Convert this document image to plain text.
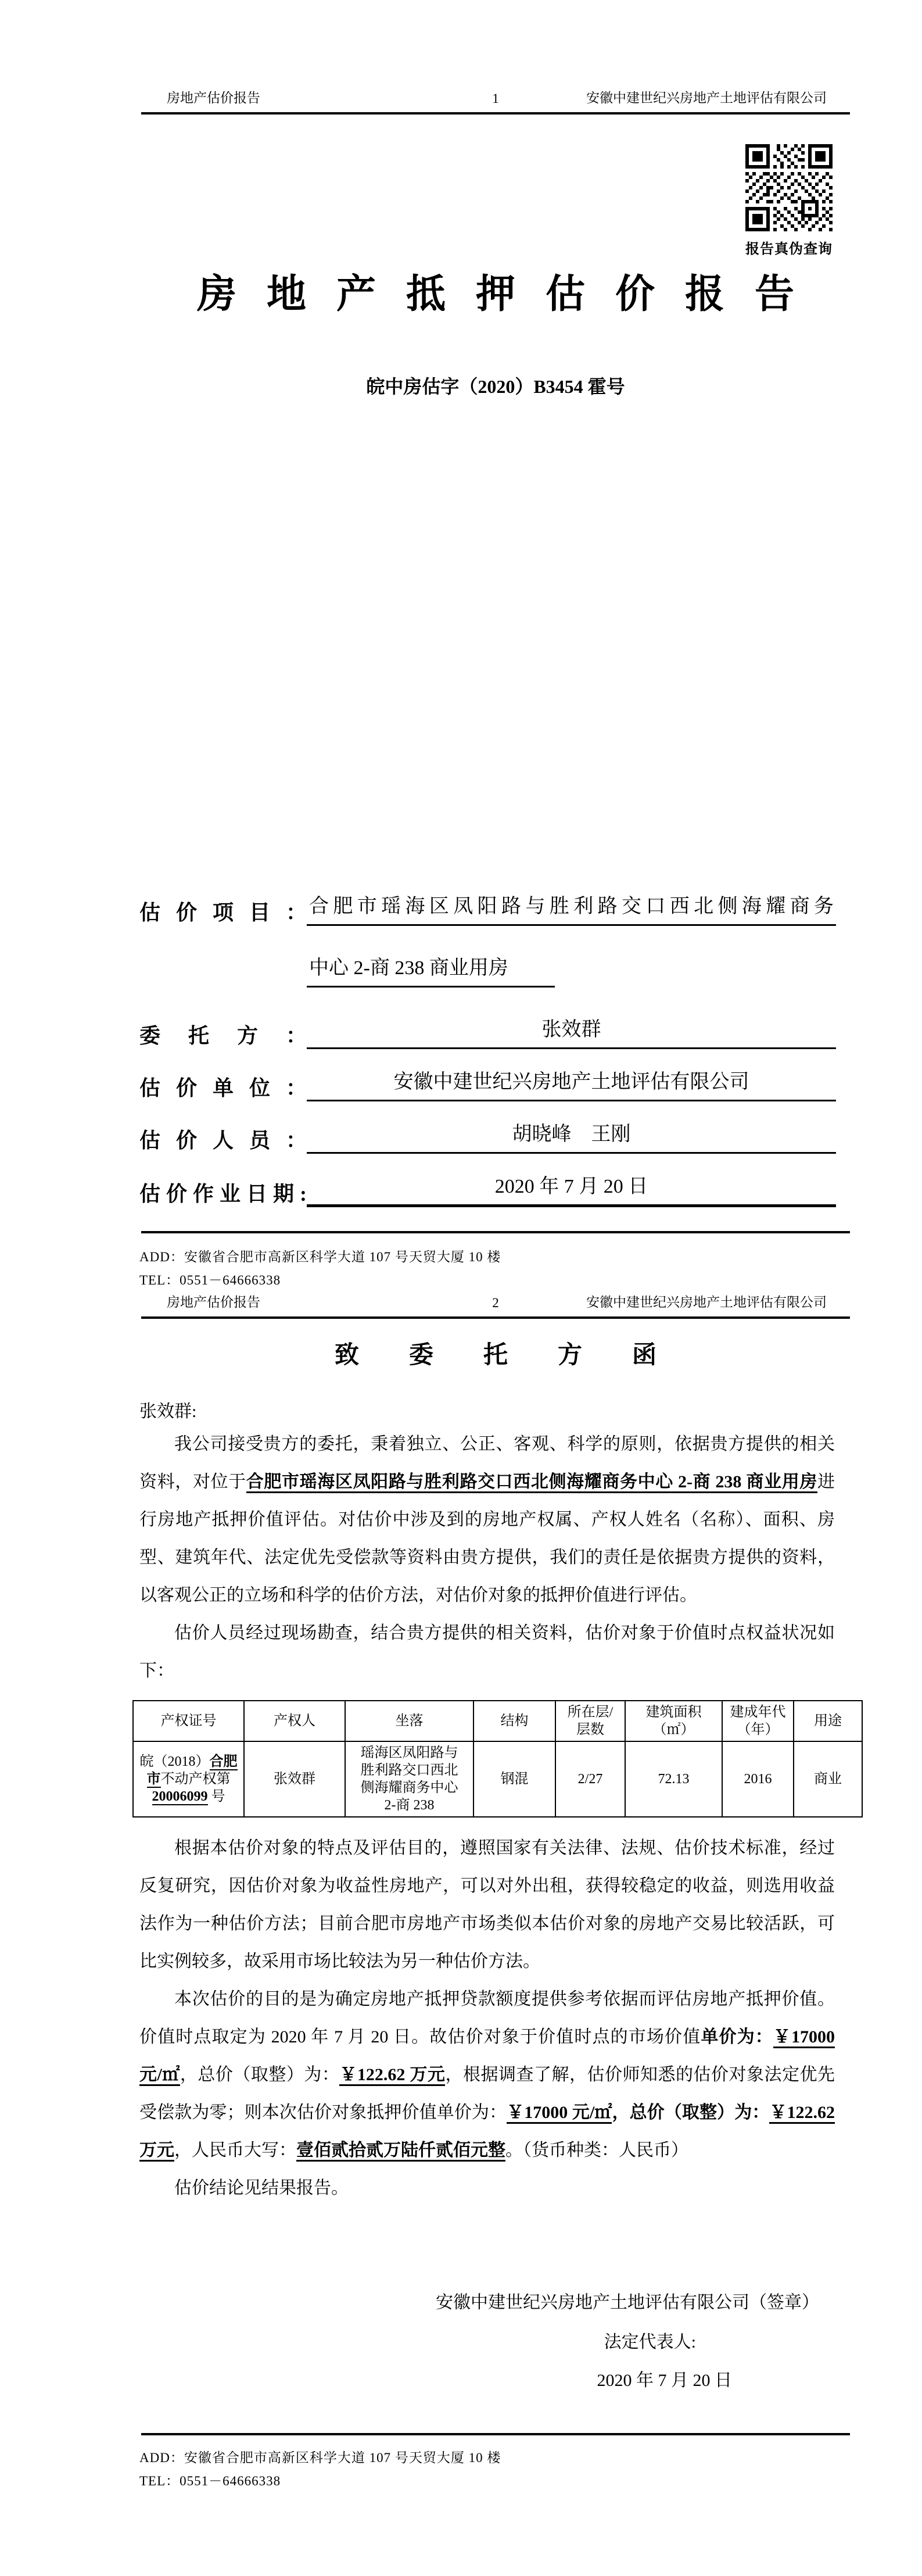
房地产估价报告	1	安徽中建世纪兴房地产土地评估有限公司
报告真伪查询
房地产抵押估价报告
皖中房估字（2020）B3454 霍号
估价项目： 合肥市瑶海区凤阳路与胜利路交口西北侧海耀商务
中心 2-商 238 商业用房
委托方：	张效群
估价单位：	安徽中建世纪兴房地产土地评估有限公司
估价人员：	胡晓峰　王刚
估价作业日期:	2020 年 7 月 20 日
ADD：安徽省合肥市高新区科学大道 107 号天贸大厦 10 楼
TEL：0551－64666338
房地产估价报告	2	安徽中建世纪兴房地产土地评估有限公司
致委托方函
张效群:

我公司接受贵方的委托，秉着独立、公正、客观、科学的原则，依据贵方提供的相关资料，对位于合肥市瑶海区凤阳路与胜利路交口西北侧海耀商务中心 2-商 238 商业用房进行房地产抵押价值评估。对估价中涉及到的房地产权属、产权人姓名（名称）、面积、房型、建筑年代、法定优先受偿款等资料由贵方提供，我们的责任是依据贵方提供的资料，以客观公正的立场和科学的估价方法，对估价对象的抵押价值进行评估。

估价人员经过现场勘查，结合贵方提供的相关资料，估价对象于价值时点权益状况如下：

产权证号	产权人	坐落	结构	所在层/层数	建筑面积（㎡）	建成年代（年）	用途
皖（2018）合肥市不动产权第 20006099 号	张效群	瑶海区凤阳路与胜利路交口西北侧海耀商务中心 2-商 238	钢混	2/27	72.13	2016	商业

根据本估价对象的特点及评估目的，遵照国家有关法律、法规、估价技术标准，经过反复研究，因估价对象为收益性房地产，可以对外出租，获得较稳定的收益，则选用收益法作为一种估价方法；目前合肥市房地产市场类似本估价对象的房地产交易比较活跃，可比实例较多，故采用市场比较法为另一种估价方法。

本次估价的目的是为确定房地产抵押贷款额度提供参考依据而评估房地产抵押价值。价值时点取定为 2020 年 7 月 20 日。故估价对象于价值时点的市场价值单价为：￥17000 元/㎡，总价（取整）为：￥122.62 万元，根据调查了解，估价师知悉的估价对象法定优先受偿款为零；则本次估价对象抵押价值单价为：￥17000 元/㎡，总价（取整）为：￥122.62 万元，人民币大写：壹佰贰拾贰万陆仟贰佰元整。（货币种类：人民币）

估价结论见结果报告。

安徽中建世纪兴房地产土地评估有限公司（签章）
法定代表人:
2020 年 7 月 20 日
ADD：安徽省合肥市高新区科学大道 107 号天贸大厦 10 楼
TEL：0551－64666338
